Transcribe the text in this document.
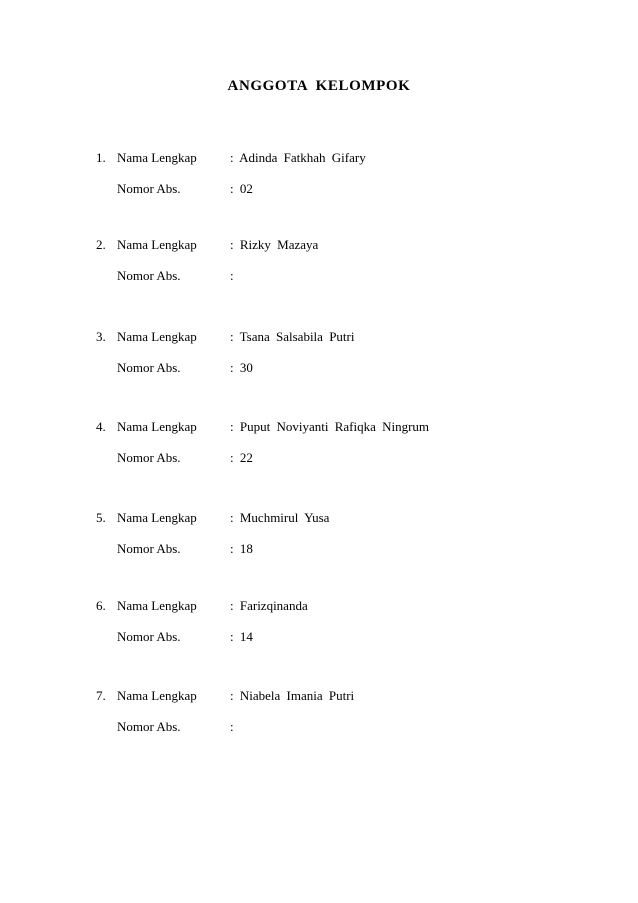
ANGGOTA KELOMPOK
1. Nama Lengkap	: Adinda Fatkhah Gifary
Nomor Abs.	: 02
2. Nama Lengkap	: Rizky Mazaya
Nomor Abs.	:
3. Nama Lengkap	: Tsana Salsabila Putri
Nomor Abs.	: 30
4. Nama Lengkap	: Puput Noviyanti Rafiqka Ningrum
Nomor Abs.	: 22
5. Nama Lengkap	: Muchmirul Yusa
Nomor Abs.	: 18
6. Nama Lengkap	: Farizqinanda
Nomor Abs.	: 14
7. Nama Lengkap	: Niabela Imania Putri
Nomor Abs.	:
